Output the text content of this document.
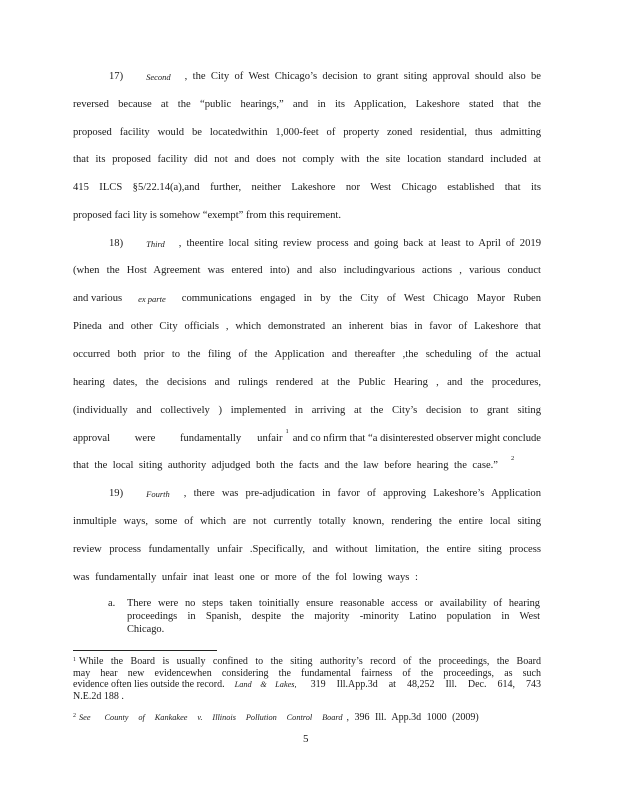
17)	Second , the City of West Chicago’s decision to grant siting approval should also be
reversed because at the “public hearings,” and in its Application, Lakeshore stated that the
proposed facility would be locatedwithin 1,000-feet of property zoned residential, thus admitting
that its proposed facility did not and does not comply with the site location standard included at
415 ILCS §5/22.14(a),and further, neither Lakeshore nor West Chicago established that its
proposed faci lity is somehow “exempt” from this requirement.
18)	Third , theentire local siting review process and going back at least to April of 2019
(when the Host Agreement was entered into) and also includingvarious actions , various conduct
and various ex parte communications engaged in by the City of West Chicago Mayor Ruben
Pineda and other City officials , which demonstrated an inherent bias in favor of Lakeshore that
occurred both prior to the filing of the Application and thereafter ,the scheduling of the actual
hearing dates, the decisions and rulings rendered at the Public Hearing , and the procedures,
(individually and collectively ) implemented in arriving at the City’s decision to grant siting
approval were fundamentally unfair
1
and co nfirm that “a disinterested observer might conclude
that the local siting authority adjudged both the facts and the law before hearing the case.”
2
19)	Fourth , there was pre-adjudication in favor of approving Lakeshore’s Application
inmultiple ways, some of which are not currently totally known, rendering the entire local siting
review process fundamentally unfair .Specifically, and without limitation, the entire siting process
was fundamentally unfair inat least one or more of the fol lowing ways :
a. There were no steps taken toinitially ensure reasonable access or availability of hearing
proceedings in Spanish, despite the majority -minority Latino population in West
Chicago.
1 While the Board is usually confined to the siting authority’s record of the proceedings, the Board
may hear new evidencewhen considering the fundamental fairness of the proceedings, as such
evidence often lies outside the record. Land & Lakes, 319 Ill.App.3d at 48,252 Ill. Dec. 614, 743
N.E.2d 188 .
2 See County of Kankakee v. Illinois Pollution Control Board , 396 Ill. App.3d 1000 (2009)
5
